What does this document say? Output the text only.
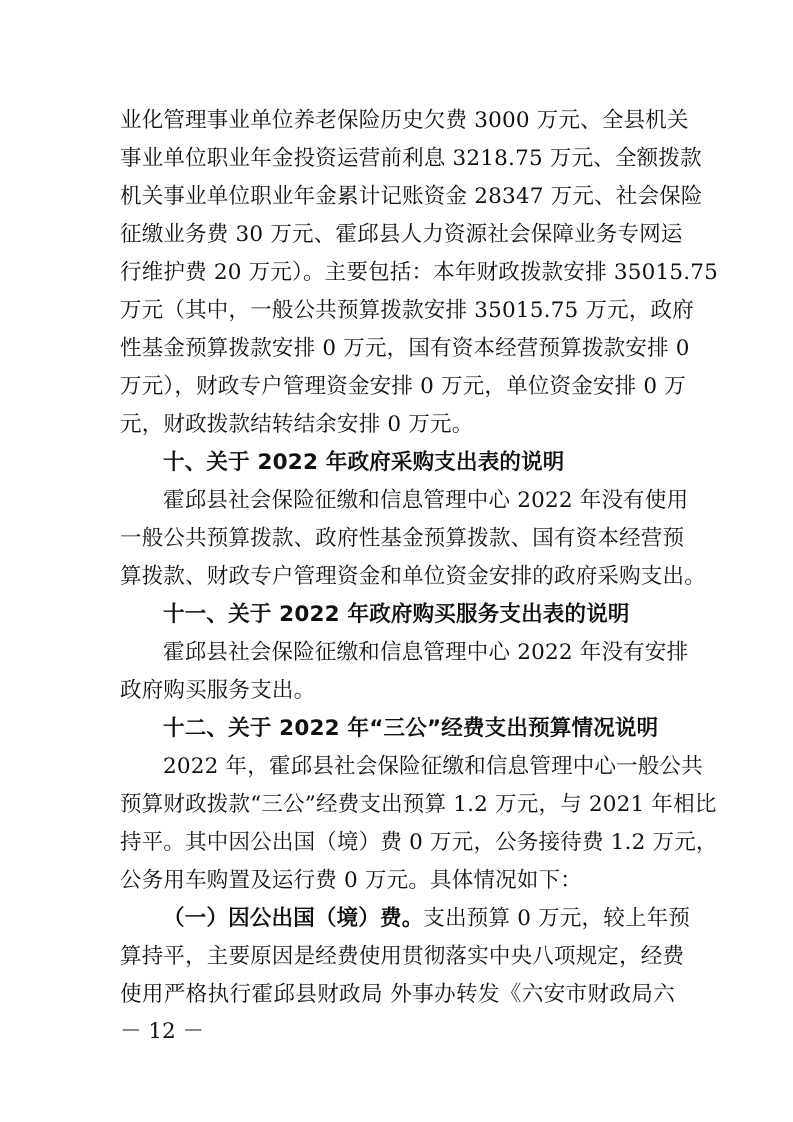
业化管理事业单位养老保险历史欠费 3000 万元、全县机关
事业单位职业年金投资运营前利息 3218.75 万元、全额拨款
机关事业单位职业年金累计记账资金 28347 万元、社会保险
征缴业务费 30 万元、霍邱县人力资源社会保障业务专网运
行维护费 20 万元）。主要包括：本年财政拨款安排 35015.75
万元（其中，一般公共预算拨款安排 35015.75 万元，政府
性基金预算拨款安排 0 万元，国有资本经营预算拨款安排 0
万元），财政专户管理资金安排 0 万元，单位资金安排 0 万
元，财政拨款结转结余安排 0 万元。
十、关于 2022 年政府采购支出表的说明
霍邱县社会保险征缴和信息管理中心 2022 年没有使用
一般公共预算拨款、政府性基金预算拨款、国有资本经营预
算拨款、财政专户管理资金和单位资金安排的政府采购支出。
十一、关于 2022 年政府购买服务支出表的说明
霍邱县社会保险征缴和信息管理中心 2022 年没有安排
政府购买服务支出。
十二、关于 2022 年“三公”经费支出预算情况说明
2022 年，霍邱县社会保险征缴和信息管理中心一般公共
预算财政拨款“三公”经费支出预算 1.2 万元，与 2021 年相比
持平。其中因公出国（境）费 0 万元，公务接待费 1.2 万元，
公务用车购置及运行费 0 万元。具体情况如下：
（一）因公出国（境）费。支出预算 0 万元，较上年预
算持平，主要原因是经费使用贯彻落实中央八项规定，经费
使用严格执行霍邱县财政局 外事办转发《六安市财政局六
－ 12 －
